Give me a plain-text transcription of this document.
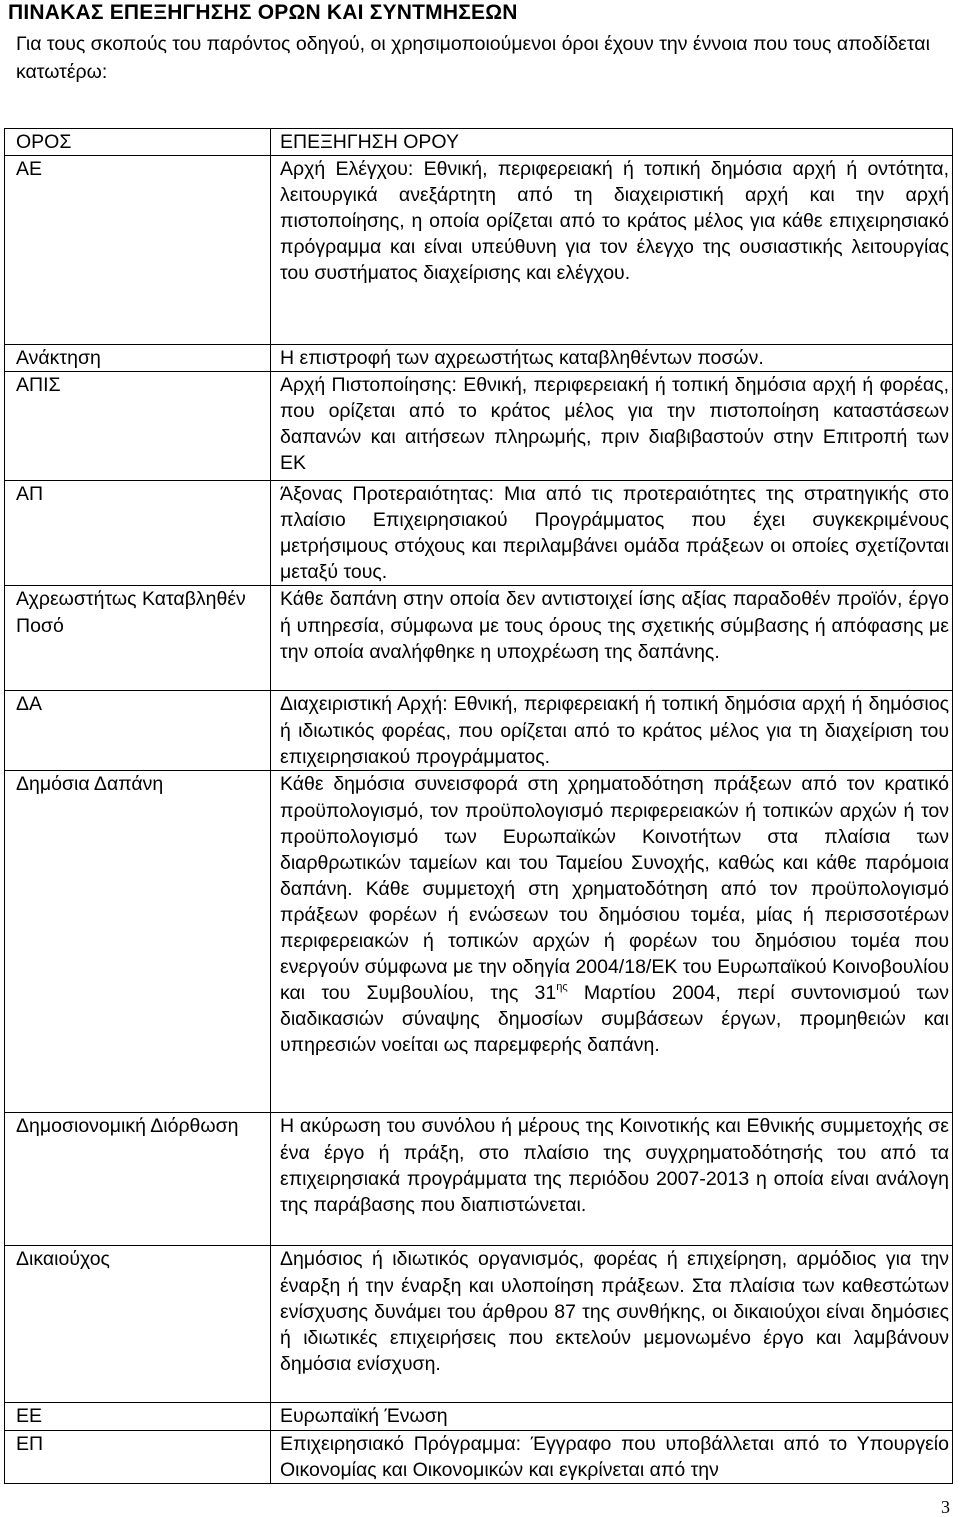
ΠΙΝΑΚΑΣ ΕΠΕΞΗΓΗΣΗΣ ΟΡΩΝ ΚΑΙ ΣΥΝΤΜΗΣΕΩΝ
Για τους σκοπούς του παρόντος οδηγού, οι χρησιμοποιούμενοι όροι έχουν την έννοια που τους αποδίδεται κατωτέρω:
ΟΡΟΣ	ΕΠΕΞΗΓΗΣΗ ΟΡΟΥ
ΑΕ	Αρχή Ελέγχου: Εθνική, περιφερειακή ή τοπική δημόσια αρχή ή οντότητα, λειτουργικά ανεξάρτητη από τη διαχειριστική αρχή και την αρχή πιστοποίησης, η οποία ορίζεται από το κράτος μέλος για κάθε επιχειρησιακό πρόγραμμα και είναι υπεύθυνη για τον έλεγχο της ουσιαστικής λειτουργίας του συστήματος διαχείρισης και ελέγχου.
Ανάκτηση	Η επιστροφή των αχρεωστήτως καταβληθέντων ποσών.
ΑΠΙΣ	Αρχή Πιστοποίησης: Εθνική, περιφερειακή ή τοπική δημόσια αρχή ή φορέας, που ορίζεται από το κράτος μέλος για την πιστοποίηση καταστάσεων δαπανών και αιτήσεων πληρωμής, πριν διαβιβαστούν στην Επιτροπή των ΕΚ
ΑΠ	Άξονας Προτεραιότητας: Μια από τις προτεραιότητες της στρατηγικής στο πλαίσιο Επιχειρησιακού Προγράμματος που έχει συγκεκριμένους μετρήσιμους στόχους και περιλαμβάνει ομάδα πράξεων οι οποίες σχετίζονται μεταξύ τους.
Αχρεωστήτως Καταβληθέν Ποσό	Κάθε δαπάνη στην οποία δεν αντιστοιχεί ίσης αξίας παραδοθέν προϊόν, έργο ή υπηρεσία, σύμφωνα με τους όρους της σχετικής σύμβασης ή απόφασης με την οποία αναλήφθηκε η υποχρέωση της δαπάνης.
ΔΑ	Διαχειριστική Αρχή: Εθνική, περιφερειακή ή τοπική δημόσια αρχή ή δημόσιος ή ιδιωτικός φορέας, που ορίζεται από το κράτος μέλος για τη διαχείριση του επιχειρησιακού προγράμματος.
Δημόσια Δαπάνη	Κάθε δημόσια συνεισφορά στη χρηματοδότηση πράξεων από τον κρατικό προϋπολογισμό, τον προϋπολογισμό περιφερειακών ή τοπικών αρχών ή τον προϋπολογισμό των Ευρωπαϊκών Κοινοτήτων στα πλαίσια των διαρθρωτικών ταμείων και του Ταμείου Συνοχής, καθώς και κάθε παρόμοια δαπάνη. Κάθε συμμετοχή στη χρηματοδότηση από τον προϋπολογισμό πράξεων φορέων ή ενώσεων του δημόσιου τομέα, μίας ή περισσοτέρων περιφερειακών ή τοπικών αρχών ή φορέων του δημόσιου τομέα που ενεργούν σύμφωνα με την οδηγία 2004/18/ΕΚ του Ευρωπαϊκού Κοινοβουλίου και του Συμβουλίου, της $31^{\eta\varsigma}$ Μαρτίου 2004, περί συντονισμού των διαδικασιών σύναψης δημοσίων συμβάσεων έργων, προμηθειών και υπηρεσιών νοείται ως παρεμφερής δαπάνη.
Δημοσιονομική Διόρθωση	Η ακύρωση του συνόλου ή μέρους της Κοινοτικής και Εθνικής συμμετοχής σε ένα έργο ή πράξη, στο πλαίσιο της συγχρηματοδότησής του από τα επιχειρησιακά προγράμματα της περιόδου 2007-2013 η οποία είναι ανάλογη της παράβασης που διαπιστώνεται.
Δικαιούχος	Δημόσιος ή ιδιωτικός οργανισμός, φορέας ή επιχείρηση, αρμόδιος για την έναρξη ή την έναρξη και υλοποίηση πράξεων. Στα πλαίσια των καθεστώτων ενίσχυσης δυνάμει του άρθρου 87 της συνθήκης, οι δικαιούχοι είναι δημόσιες ή ιδιωτικές επιχειρήσεις που εκτελούν μεμονωμένο έργο και λαμβάνουν δημόσια ενίσχυση.
ΕΕ	Ευρωπαϊκή Ένωση
ΕΠ	Επιχειρησιακό Πρόγραμμα: Έγγραφο που υποβάλλεται από το Υπουργείο Οικονομίας και Οικονομικών και εγκρίνεται από την
3
